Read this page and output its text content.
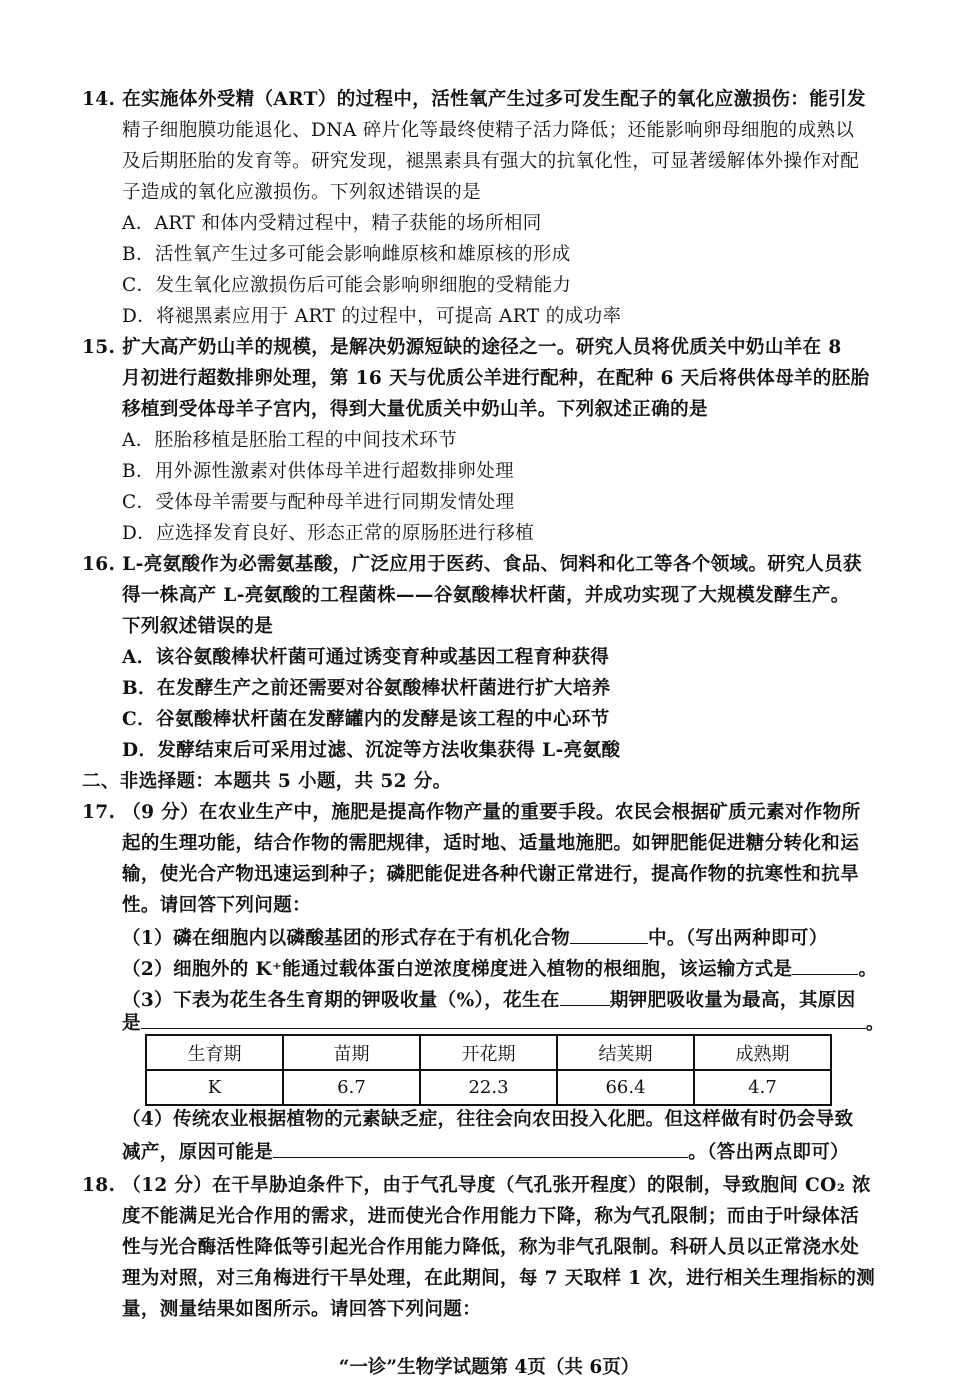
14. 在实施体外受精（ART）的过程中，活性氧产生过多可发生配子的氧化应激损伤：能引发
精子细胞膜功能退化、DNA 碎片化等最终使精子活力降低；还能影响卵母细胞的成熟以
及后期胚胎的发育等。研究发现，褪黑素具有强大的抗氧化性，可显著缓解体外操作对配
子造成的氧化应激损伤。下列叙述错误的是
A．ART 和体内受精过程中，精子获能的场所相同
B．活性氧产生过多可能会影响雌原核和雄原核的形成
C．发生氧化应激损伤后可能会影响卵细胞的受精能力
D．将褪黑素应用于 ART 的过程中，可提高 ART 的成功率
15. 扩大高产奶山羊的规模，是解决奶源短缺的途径之一。研究人员将优质关中奶山羊在 8
月初进行超数排卵处理，第 16 天与优质公羊进行配种，在配种 6 天后将供体母羊的胚胎
移植到受体母羊子宫内，得到大量优质关中奶山羊。下列叙述正确的是
A．胚胎移植是胚胎工程的中间技术环节
B．用外源性激素对供体母羊进行超数排卵处理
C．受体母羊需要与配种母羊进行同期发情处理
D．应选择发育良好、形态正常的原肠胚进行移植
16. L-亮氨酸作为必需氨基酸，广泛应用于医药、食品、饲料和化工等各个领域。研究人员获
得一株高产 L-亮氨酸的工程菌株——谷氨酸棒状杆菌，并成功实现了大规模发酵生产。
下列叙述错误的是
A．该谷氨酸棒状杆菌可通过诱变育种或基因工程育种获得
B．在发酵生产之前还需要对谷氨酸棒状杆菌进行扩大培养
C．谷氨酸棒状杆菌在发酵罐内的发酵是该工程的中心环节
D．发酵结束后可采用过滤、沉淀等方法收集获得 L-亮氨酸
二、非选择题：本题共 5 小题，共 52 分。
17. （9 分）在农业生产中，施肥是提高作物产量的重要手段。农民会根据矿质元素对作物所
起的生理功能，结合作物的需肥规律，适时地、适量地施肥。如钾肥能促进糖分转化和运
输，使光合产物迅速运到种子；磷肥能促进各种代谢正常进行，提高作物的抗寒性和抗旱
性。请回答下列问题：
（1）磷在细胞内以磷酸基团的形式存在于有机化合物	中。（写出两种即可）
（2）细胞外的 K⁺能通过载体蛋白逆浓度梯度进入植物的根细胞，该运输方式是	。
（3）下表为花生各生育期的钾吸收量（%），花生在	期钾肥吸收量为最高，其原因
是	。
生育期	苗期	开花期	结荚期	成熟期
K	6.7	22.3	66.4	4.7
（4）传统农业根据植物的元素缺乏症，往往会向农田投入化肥。但这样做有时仍会导致
减产，原因可能是	。（答出两点即可）
18. （12 分）在干旱胁迫条件下，由于气孔导度（气孔张开程度）的限制，导致胞间 CO₂ 浓
度不能满足光合作用的需求，进而使光合作用能力下降，称为气孔限制；而由于叶绿体活
性与光合酶活性降低等引起光合作用能力降低，称为非气孔限制。科研人员以正常浇水处
理为对照，对三角梅进行干旱处理，在此期间，每 7 天取样 1 次，进行相关生理指标的测
量，测量结果如图所示。请回答下列问题：
“一诊”生物学试题第 4页（共 6页）
